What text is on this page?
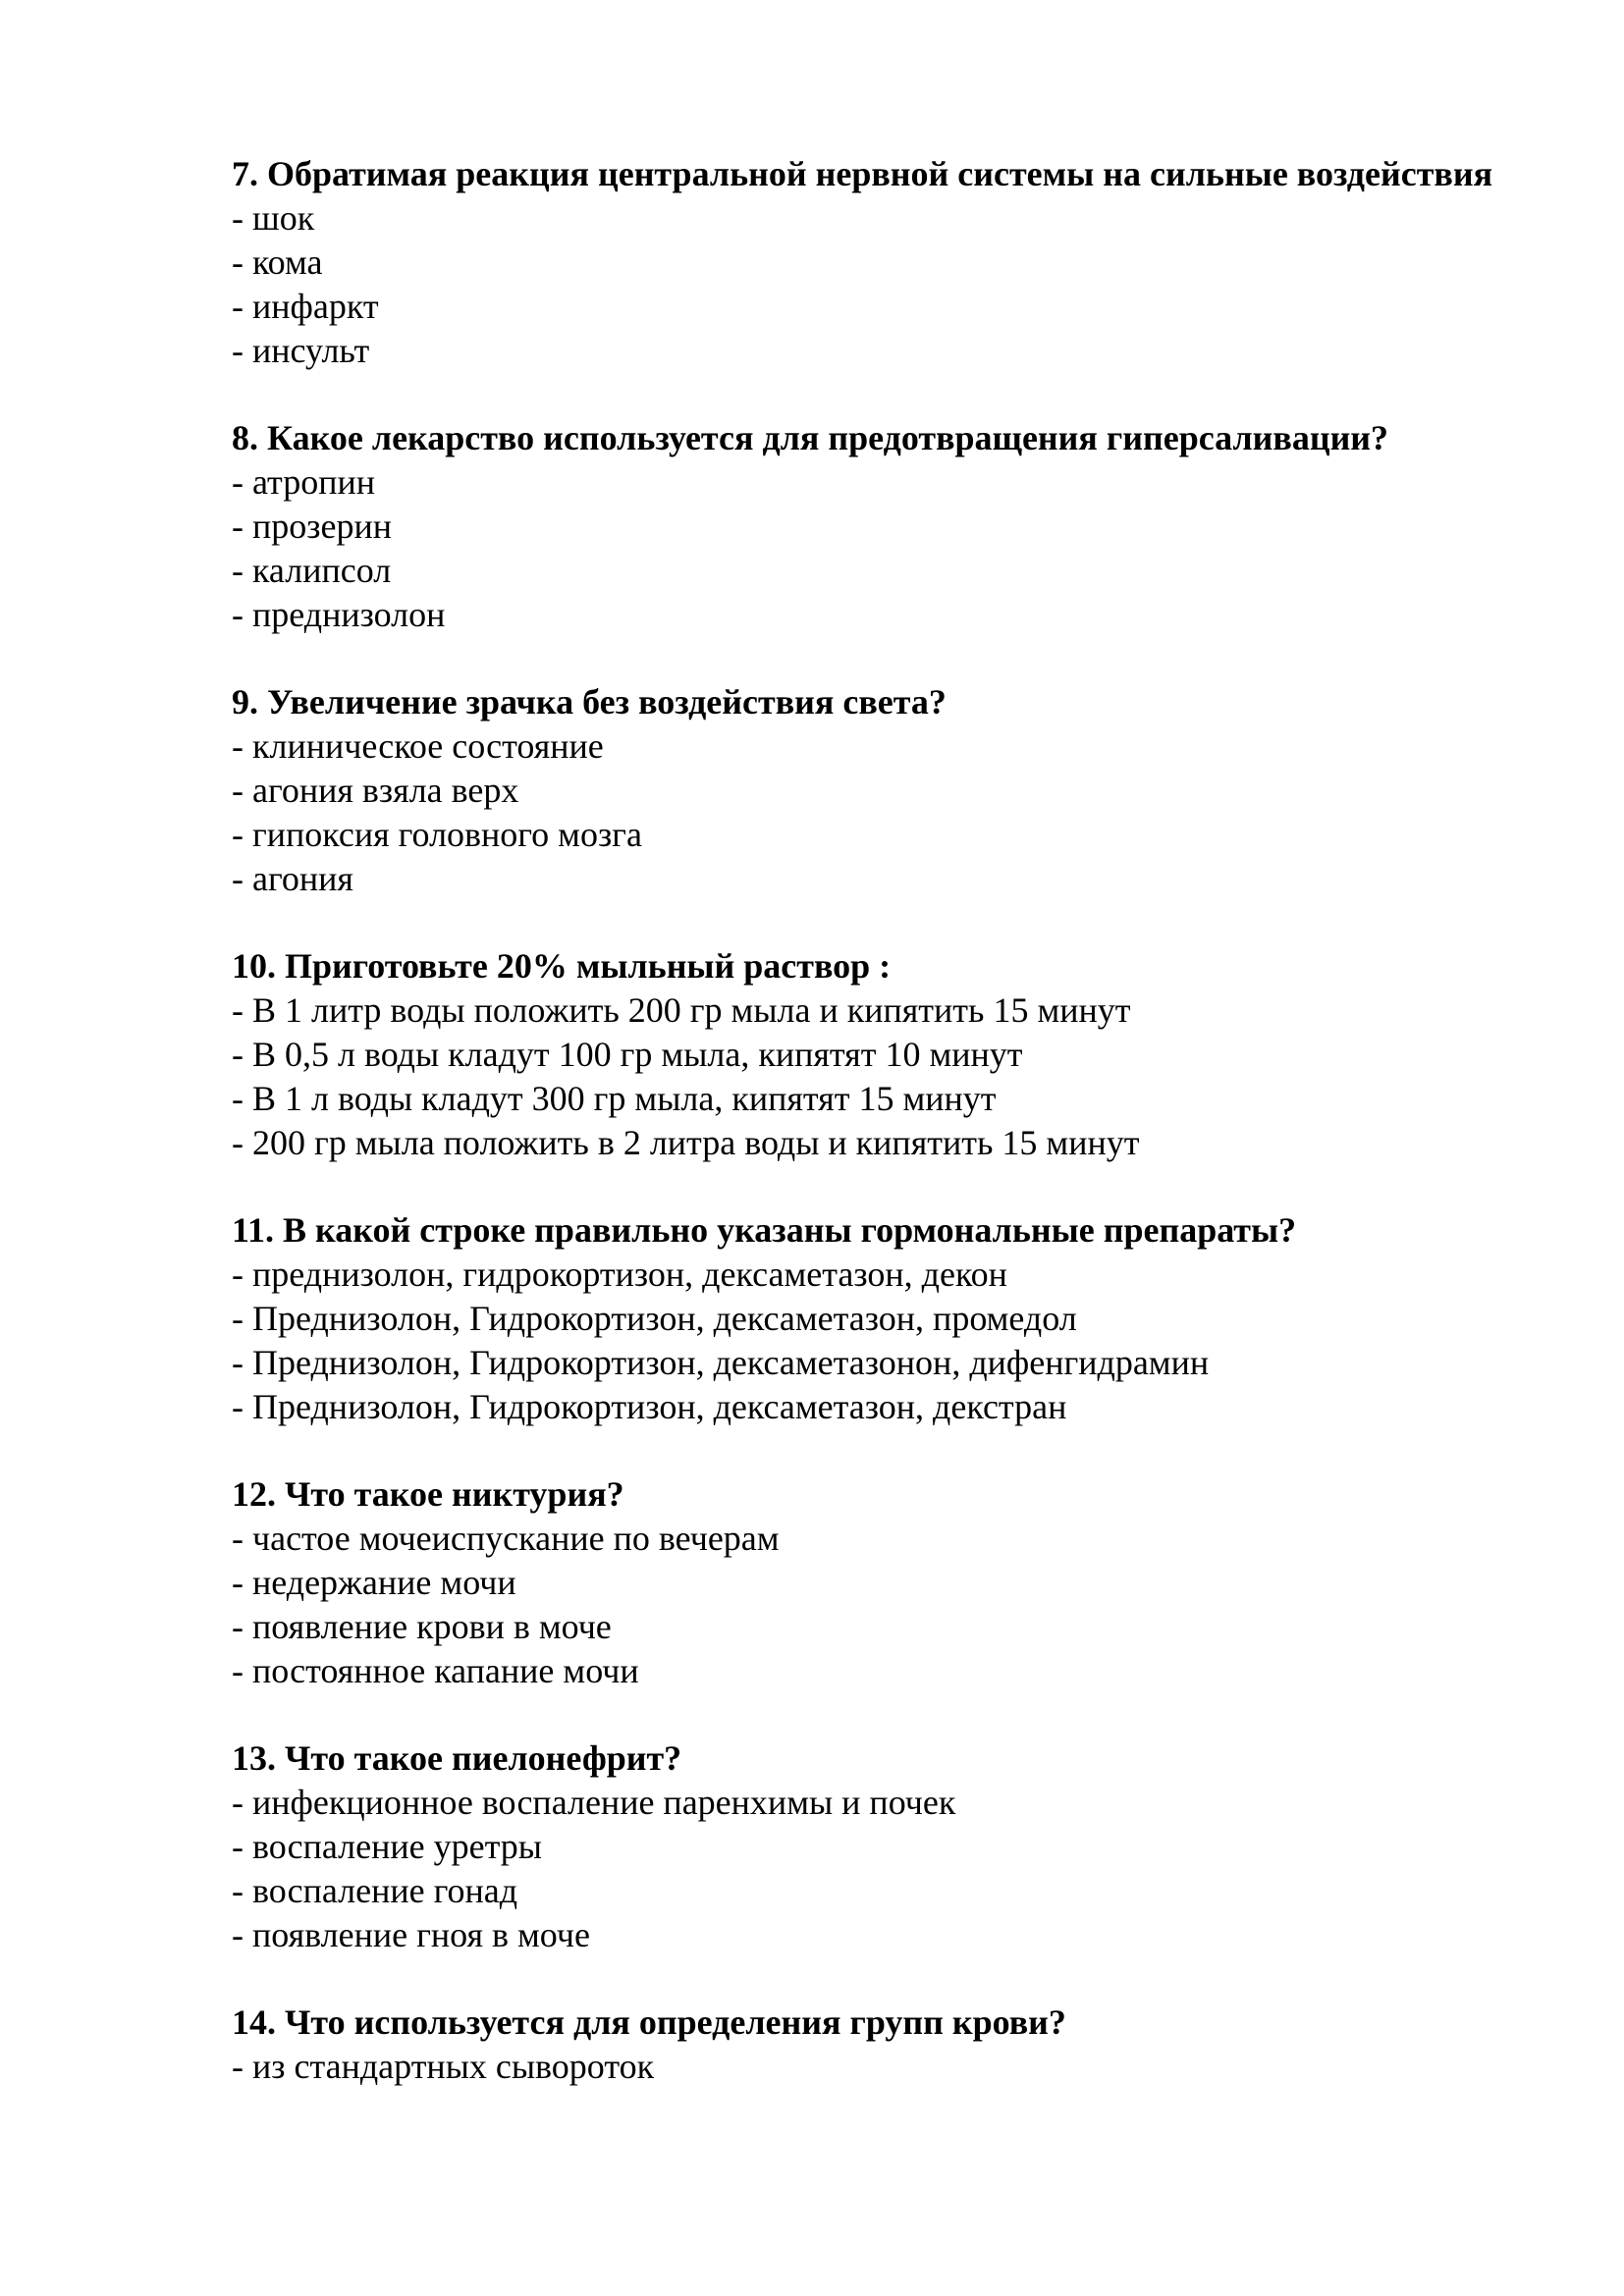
7. Обратимая реакция центральной нервной системы на сильные воздействия

- шок

- кома

- инфаркт

- инсульт

8. Какое лекарство используется для предотвращения гиперсаливации?

- атропин

- прозерин

- калипсол

- преднизолон

9. Увеличение зрачка без воздействия света?

- клиническое состояние

- агония взяла верх

- гипоксия головного мозга

- агония

10. Приготовьте 20% мыльный раствор :

- В 1 литр воды положить 200 гр мыла и кипятить 15 минут

- В 0,5 л воды кладут 100 гр мыла, кипятят 10 минут

- В 1 л воды кладут 300 гр мыла, кипятят 15 минут

- 200 гр мыла положить в 2 литра воды и кипятить 15 минут

11. В какой строке правильно указаны гормональные препараты?

- преднизолон, гидрокортизон, дексаметазон, декон

- Преднизолон, Гидрокортизон, дексаметазон, промедол

- Преднизолон, Гидрокортизон, дексаметазонон, дифенгидрамин

- Преднизолон, Гидрокортизон, дексаметазон, декстран

12. Что такое никтурия?

- частое мочеиспускание по вечерам

- недержание мочи

- появление крови в моче

- постоянное капание мочи

13. Что такое пиелонефрит?

- инфекционное воспаление паренхимы и почек

- воспаление уретры

- воспаление гонад

- появление гноя в моче

14. Что используется для определения групп крови?

- из стандартных сывороток
